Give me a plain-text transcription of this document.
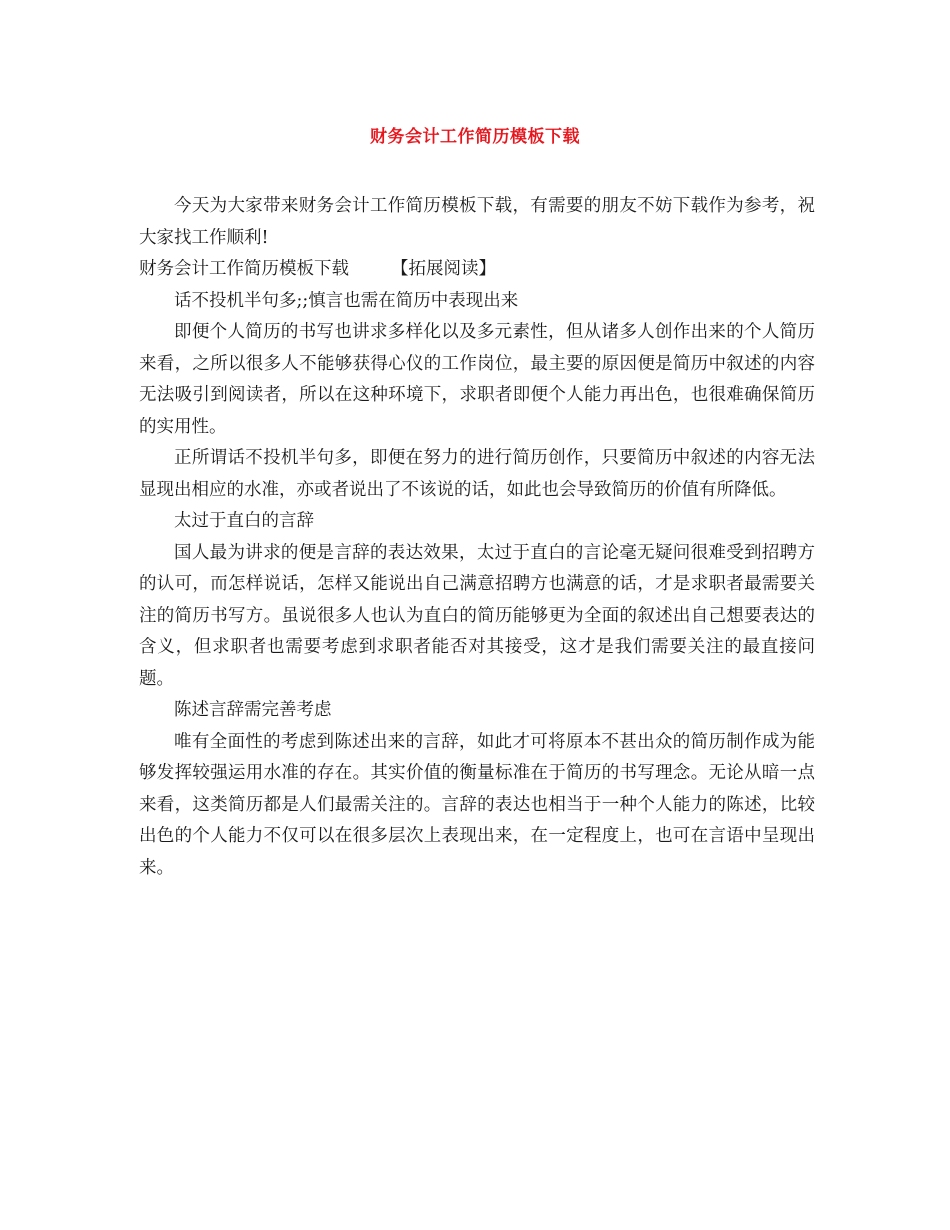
财务会计工作简历模板下载

今天为大家带来财务会计工作简历模板下载，有需要的朋友不妨下载作为参考，祝大家找工作顺利!

财务会计工作简历模板下载 【拓展阅读】

话不投机半句多;;慎言也需在简历中表现出来

即便个人简历的书写也讲求多样化以及多元素性，但从诸多人创作出来的个人简历来看，之所以很多人不能够获得心仪的工作岗位，最主要的原因便是简历中叙述的内容无法吸引到阅读者，所以在这种环境下，求职者即便个人能力再出色，也很难确保简历的实用性。

正所谓话不投机半句多，即便在努力的进行简历创作，只要简历中叙述的内容无法显现出相应的水准，亦或者说出了不该说的话，如此也会导致简历的价值有所降低。

太过于直白的言辞

国人最为讲求的便是言辞的表达效果，太过于直白的言论毫无疑问很难受到招聘方的认可，而怎样说话，怎样又能说出自己满意招聘方也满意的话，才是求职者最需要关注的简历书写方。虽说很多人也认为直白的简历能够更为全面的叙述出自己想要表达的含义，但求职者也需要考虑到求职者能否对其接受，这才是我们需要关注的最直接问题。

陈述言辞需完善考虑

唯有全面性的考虑到陈述出来的言辞，如此才可将原本不甚出众的简历制作成为能够发挥较强运用水准的存在。其实价值的衡量标准在于简历的书写理念。无论从暗一点来看，这类简历都是人们最需关注的。言辞的表达也相当于一种个人能力的陈述，比较出色的个人能力不仅可以在很多层次上表现出来，在一定程度上，也可在言语中呈现出来。
